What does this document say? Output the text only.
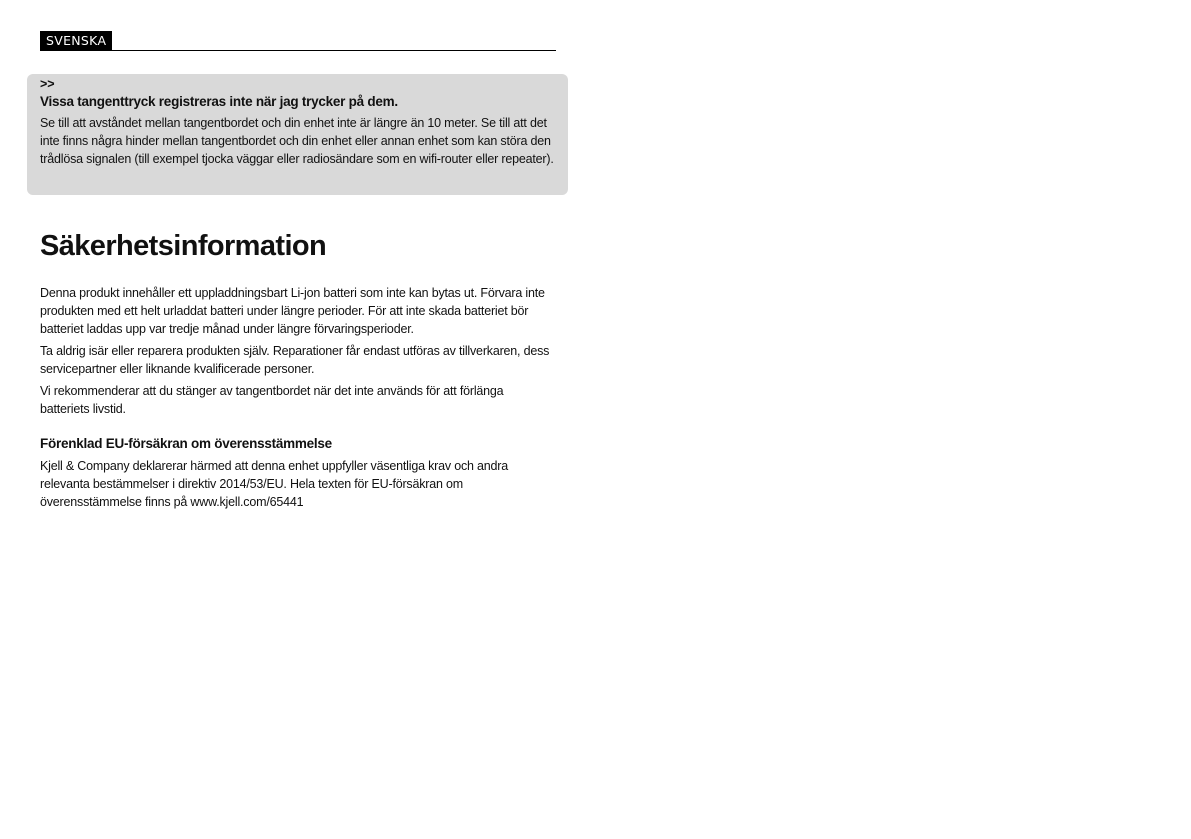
SVENSKA

>>

Vissa tangenttryck registreras inte när jag trycker på dem.

Se till att avståndet mellan tangentbordet och din enhet inte är längre än 10 meter. Se till att det inte finns några hinder mellan tangentbordet och din enhet eller annan enhet som kan störa den trådlösa signalen (till exempel tjocka väggar eller radiosändare som en wifi-router eller repeater).

Säkerhetsinformation

Denna produkt innehåller ett uppladdningsbart Li-jon batteri som inte kan bytas ut. Förvara inte produkten med ett helt urladdat batteri under längre perioder. För att inte skada batteriet bör batteriet laddas upp var tredje månad under längre förvaringsperioder.

Ta aldrig isär eller reparera produkten själv. Reparationer får endast utföras av tillverkaren, dess servicepartner eller liknande kvalificerade personer.

Vi rekommenderar att du stänger av tangentbordet när det inte används för att förlänga batteriets livstid.

Förenklad EU-försäkran om överensstämmelse

Kjell & Company deklarerar härmed att denna enhet uppfyller väsentliga krav och andra relevanta bestämmelser i direktiv 2014/53/EU. Hela texten för EU-försäkran om överensstämmelse finns på www.kjell.com/65441
